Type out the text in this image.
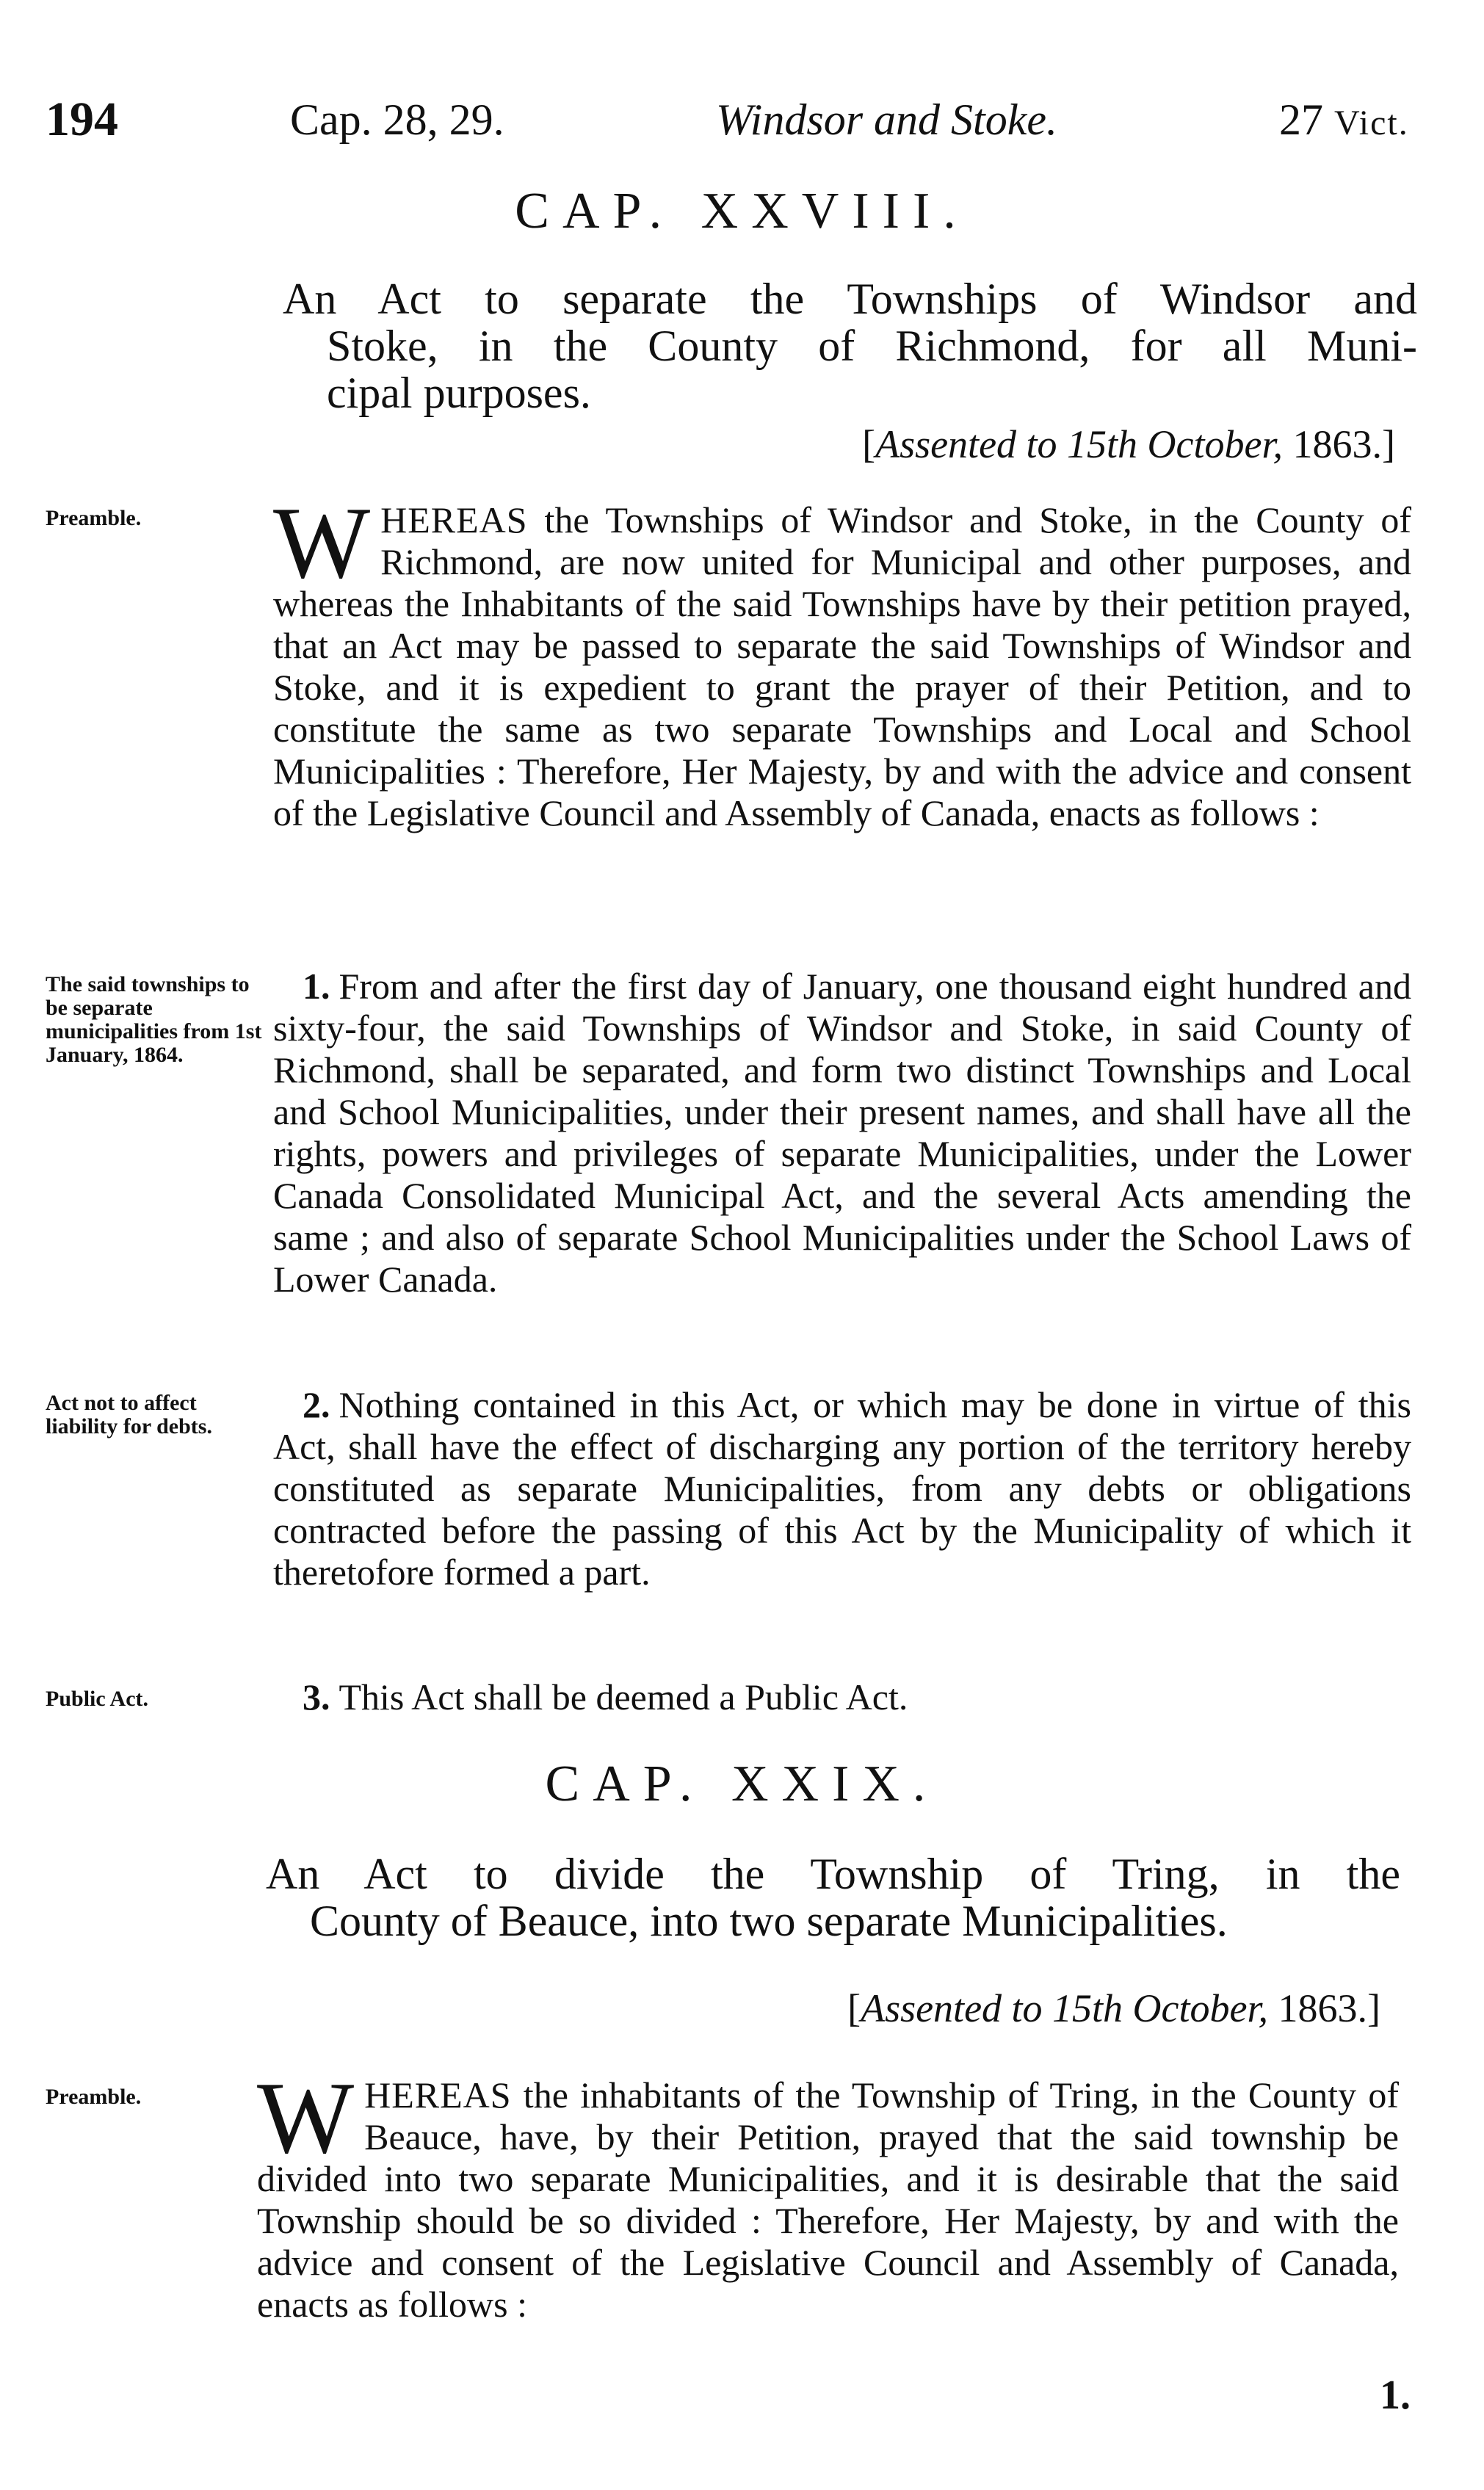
194	Cap. 28, 29.	Windsor and Stoke.	27 Vict.
CAP. XXVIII.
An Act to separate the Townships of Windsor and
Stoke, in the County of Richmond, for all Muni-
cipal purposes.
[Assented to 15th October, 1863.]
Preamble.	WHEREAS the Townships of Windsor and Stoke, in the County of Richmond, are now united for Municipal and other purposes, and whereas the Inhabitants of the said Townships have by their petition prayed, that an Act may be passed to separate the said Townships of Windsor and Stoke, and it is expedient to grant the prayer of their Petition, and to constitute the same as two separate Townships and Local and School Municipalities : Therefore, Her Majesty, by and with the advice and consent of the Legislative Council and Assembly of Canada, enacts as follows :
The said townships to be separate municipalities from 1st January, 1864.
1. From and after the first day of January, one thousand eight hundred and sixty-four, the said Townships of Windsor and Stoke, in said County of Richmond, shall be separated, and form two distinct Townships and Local and School Municipalities, under their present names, and shall have all the rights, powers and privileges of separate Municipalities, under the Lower Canada Consolidated Municipal Act, and the several Acts amending the same ; and also of separate School Municipalities under the School Laws of Lower Canada.
Act not to affect liability for debts.
2. Nothing contained in this Act, or which may be done in virtue of this Act, shall have the effect of discharging any portion of the territory hereby constituted as separate Municipalities, from any debts or obligations contracted before the passing of this Act by the Municipality of which it theretofore formed a part.
Public Act.	3. This Act shall be deemed a Public Act.
CAP. XXIX.
An Act to divide the Township of Tring, in the
County of Beauce, into two separate Municipalities.
[Assented to 15th October, 1863.]
Preamble.	WHEREAS the inhabitants of the Township of Tring, in the County of Beauce, have, by their Petition, prayed that the said township be divided into two separate Municipalities, and it is desirable that the said Township should be so divided : Therefore, Her Majesty, by and with the advice and consent of the Legislative Council and Assembly of Canada, enacts as follows :
1.
